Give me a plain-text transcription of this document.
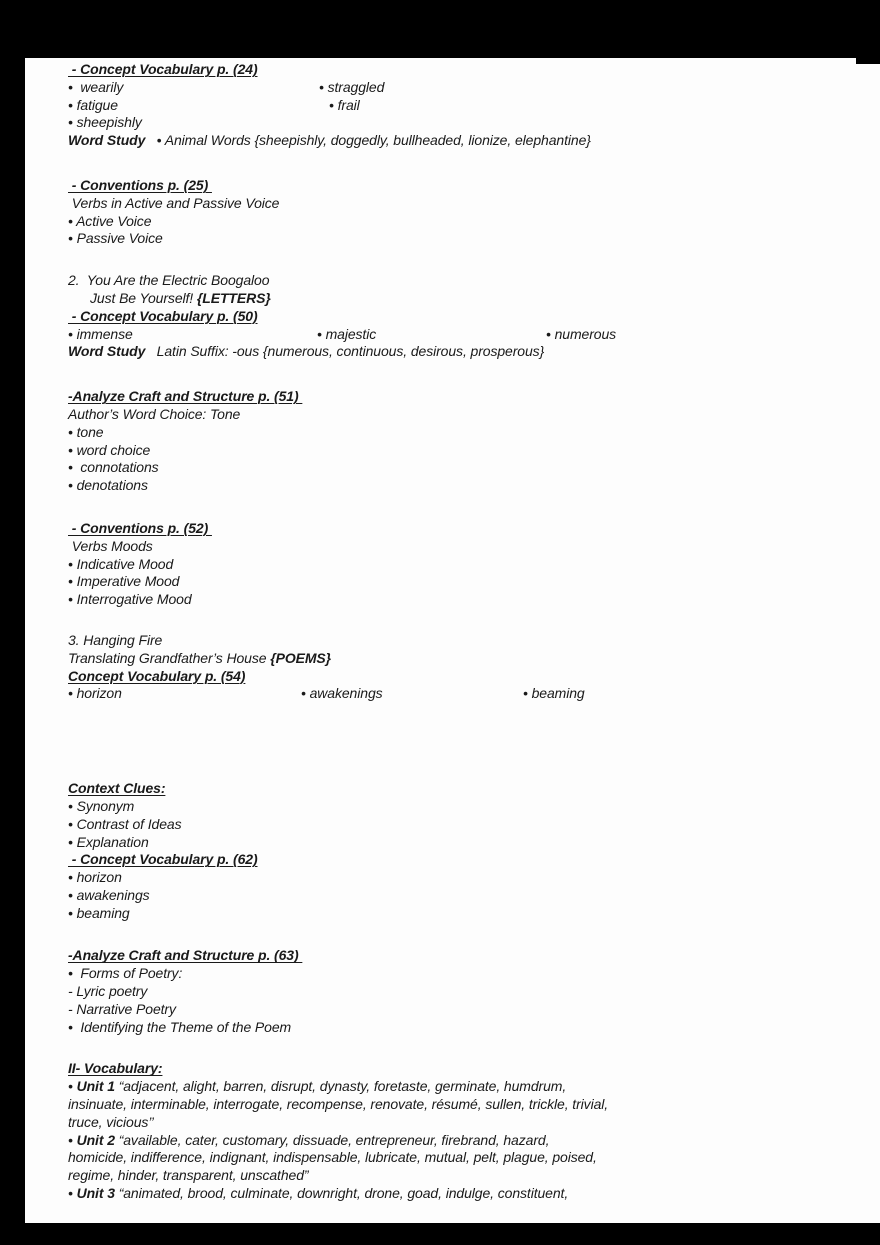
- Concept Vocabulary p. (24)
•  wearily	• straggled
• fatigue	• frail
• sheepishly
Word Study   • Animal Words {sheepishly, doggedly, bullheaded, lionize, elephantine}
- Conventions p. (25)
Verbs in Active and Passive Voice
• Active Voice
• Passive Voice
2.  You Are the Electric Boogaloo
Just Be Yourself! {LETTERS}
- Concept Vocabulary p. (50)
• immense	• majestic	• numerous
Word Study   Latin Suffix: -ous {numerous, continuous, desirous, prosperous}
-Analyze Craft and Structure p. (51)
Author’s Word Choice: Tone
• tone
• word choice
•  connotations
• denotations
- Conventions p. (52)
Verbs Moods
• Indicative Mood
• Imperative Mood
• Interrogative Mood
3. Hanging Fire
Translating Grandfather’s House {POEMS}
Concept Vocabulary p. (54)
• horizon	• awakenings	• beaming
Context Clues:
• Synonym
• Contrast of Ideas
• Explanation
- Concept Vocabulary p. (62)
• horizon
• awakenings
• beaming
-Analyze Craft and Structure p. (63)
•  Forms of Poetry:
- Lyric poetry
- Narrative Poetry
•  Identifying the Theme of the Poem
II- Vocabulary:
• Unit 1 “adjacent, alight, barren, disrupt, dynasty, foretaste, germinate, humdrum,
insinuate, interminable, interrogate, recompense, renovate, résumé, sullen, trickle, trivial,
truce, vicious’’
• Unit 2 “available, cater, customary, dissuade, entrepreneur, firebrand, hazard,
homicide, indifference, indignant, indispensable, lubricate, mutual, pelt, plague, poised,
regime, hinder, transparent, unscathed”
• Unit 3 “animated, brood, culminate, downright, drone, goad, indulge, constituent,
